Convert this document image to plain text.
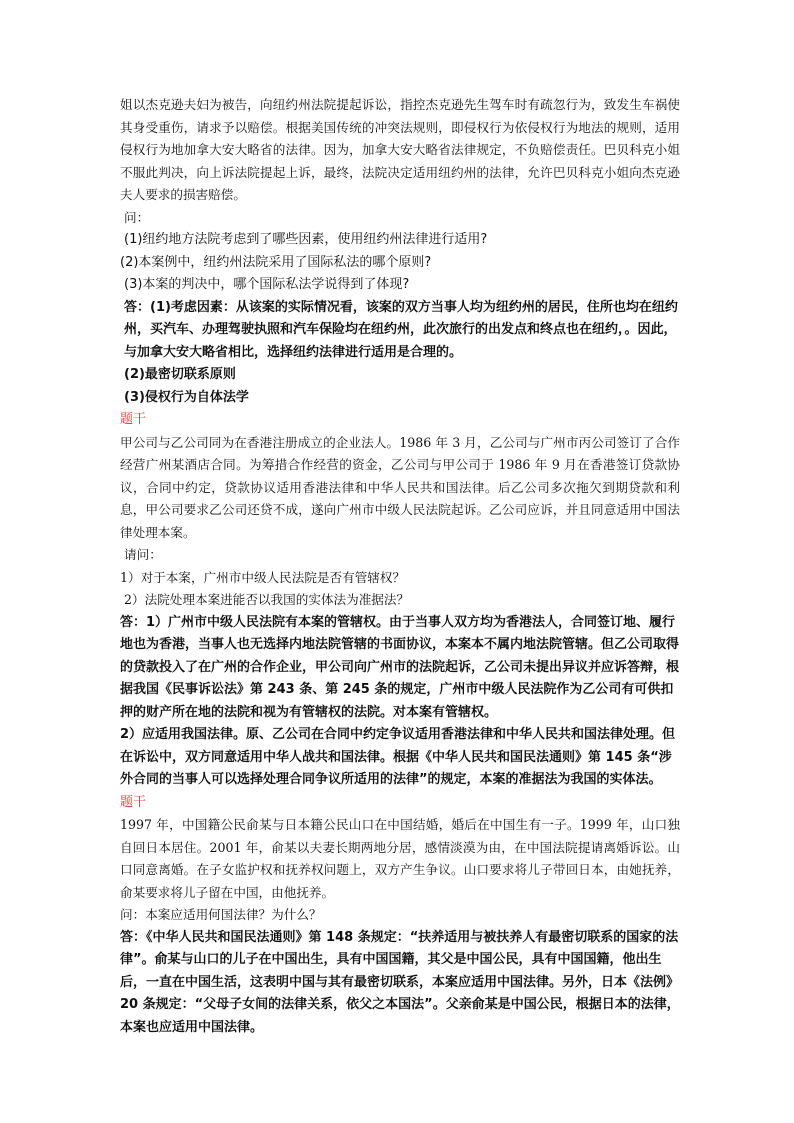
姐以杰克逊夫妇为被告，向纽约州法院提起诉讼，指控杰克逊先生驾车时有疏忽行为，致发生车祸使其身受重伤，请求予以赔偿。根据美国传统的冲突法规则，即侵权行为依侵权行为地法的规则，适用侵权行为地加拿大安大略省的法律。因为，加拿大安大略省法律规定，不负赔偿责任。巴贝科克小姐不服此判决，向上诉法院提起上诉，最终，法院决定适用纽约州的法律，允许巴贝科克小姐向杰克逊夫人要求的损害赔偿。

问：

(1)纽约地方法院考虑到了哪些因素，使用纽约州法律进行适用?

(2)本案例中，纽约州法院采用了国际私法的哪个原则?

(3)本案的判决中，哪个国际私法学说得到了体现?

答：(1)考虑因素：从该案的实际情况看，该案的双方当事人均为纽约州的居民，住所也均在纽约州，买汽车、办理驾驶执照和汽车保险均在纽约州，此次旅行的出发点和终点也在纽约，。因此，与加拿大安大略省相比，选择纽约法律进行适用是合理的。

(2)最密切联系原则

(3)侵权行为自体法学

题干

甲公司与乙公司同为在香港注册成立的企业法人。1986 年 3 月，乙公司与广州市丙公司签订了合作经营广州某酒店合同。为筹措合作经营的资金，乙公司与甲公司于 1986 年 9 月在香港签订贷款协议，合同中约定，贷款协议适用香港法律和中华人民共和国法律。后乙公司多次拖欠到期贷款和利息，甲公司要求乙公司还贷不成，遂向广州市中级人民法院起诉。乙公司应诉，并且同意适用中国法律处理本案。

请问：

1）对于本案，广州市中级人民法院是否有管辖权？

2）法院处理本案进能否以我国的实体法为准据法？

答：1）广州市中级人民法院有本案的管辖权。由于当事人双方均为香港法人，合同签订地、履行地也为香港，当事人也无选择内地法院管辖的书面协议，本案本不属内地法院管辖。但乙公司取得的贷款投入了在广州的合作企业，甲公司向广州市的法院起诉，乙公司未提出异议并应诉答辩，根据我国《民事诉讼法》第 243 条、第 245 条的规定，广州市中级人民法院作为乙公司有可供扣押的财产所在地的法院和视为有管辖权的法院。对本案有管辖权。

2）应适用我国法律。原、乙公司在合同中约定争议适用香港法律和中华人民共和国法律处理。但在诉讼中，双方同意适用中华人战共和国法律。根据《中华人民共和国民法通则》第 145 条“涉外合同的当事人可以选择处理合同争议所适用的法律”的规定，本案的准据法为我国的实体法。

题干

1997 年，中国籍公民俞某与日本籍公民山口在中国结婚，婚后在中国生有一子。1999 年，山口独自回日本居住。2001 年，俞某以夫妻长期两地分居，感情淡漠为由，在中国法院提请离婚诉讼。山口同意离婚。在子女监护权和抚养权问题上，双方产生争议。山口要求将儿子带回日本，由她抚养，俞某要求将儿子留在中国，由他抚养。

问：本案应适用何国法律？为什么？

答：《中华人民共和国民法通则》第 148 条规定：“扶养适用与被扶养人有最密切联系的国家的法律”。俞某与山口的儿子在中国出生，具有中国国籍，其父是中国公民，具有中国国籍，他出生后，一直在中国生活，这表明中国与其有最密切联系，本案应适用中国法律。另外，日本《法例》20 条规定：“父母子女间的法律关系，依父之本国法”。父亲俞某是中国公民，根据日本的法律，本案也应适用中国法律。
